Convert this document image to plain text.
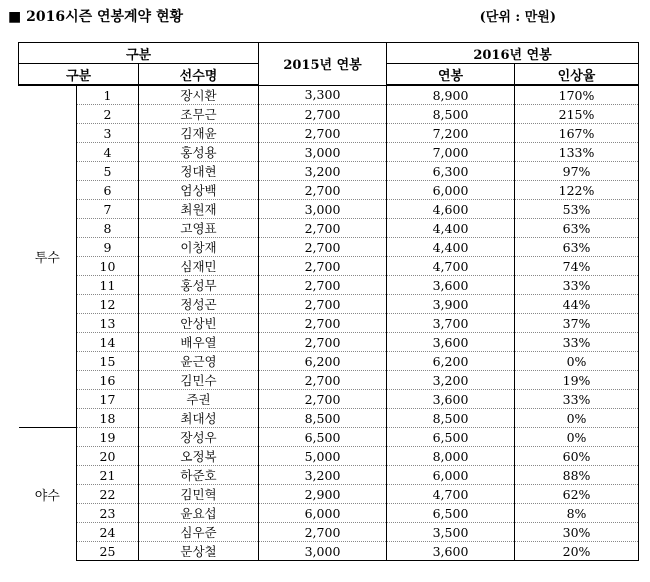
■ 2016시즌 연봉계약 현황	(단위 : 만원)
구분			2015년 연봉	2016년 연봉	
구분		선수명		연봉	인상율
투수	1	장시환	3,300	8,900	170%
	2	조무근	2,700	8,500	215%
	3	김재윤	2,700	7,200	167%
	4	홍성용	3,000	7,000	133%
	5	정대현	3,200	6,300	97%
	6	엄상백	2,700	6,000	122%
	7	최원재	3,000	4,600	53%
	8	고영표	2,700	4,400	63%
	9	이창재	2,700	4,400	63%
	10	심재민	2,700	4,700	74%
	11	홍성무	2,700	3,600	33%
	12	정성곤	2,700	3,900	44%
	13	안상빈	2,700	3,700	37%
	14	배우열	2,700	3,600	33%
	15	윤근영	6,200	6,200	0%
	16	김민수	2,700	3,200	19%
	17	주권	2,700	3,600	33%
	18	최대성	8,500	8,500	0%
야수	19	장성우	6,500	6,500	0%
	20	오정복	5,000	8,000	60%
	21	하준호	3,200	6,000	88%
	22	김민혁	2,900	4,700	62%
	23	윤요섭	6,000	6,500	8%
	24	심우준	2,700	3,500	30%
	25	문상철	3,000	3,600	20%
